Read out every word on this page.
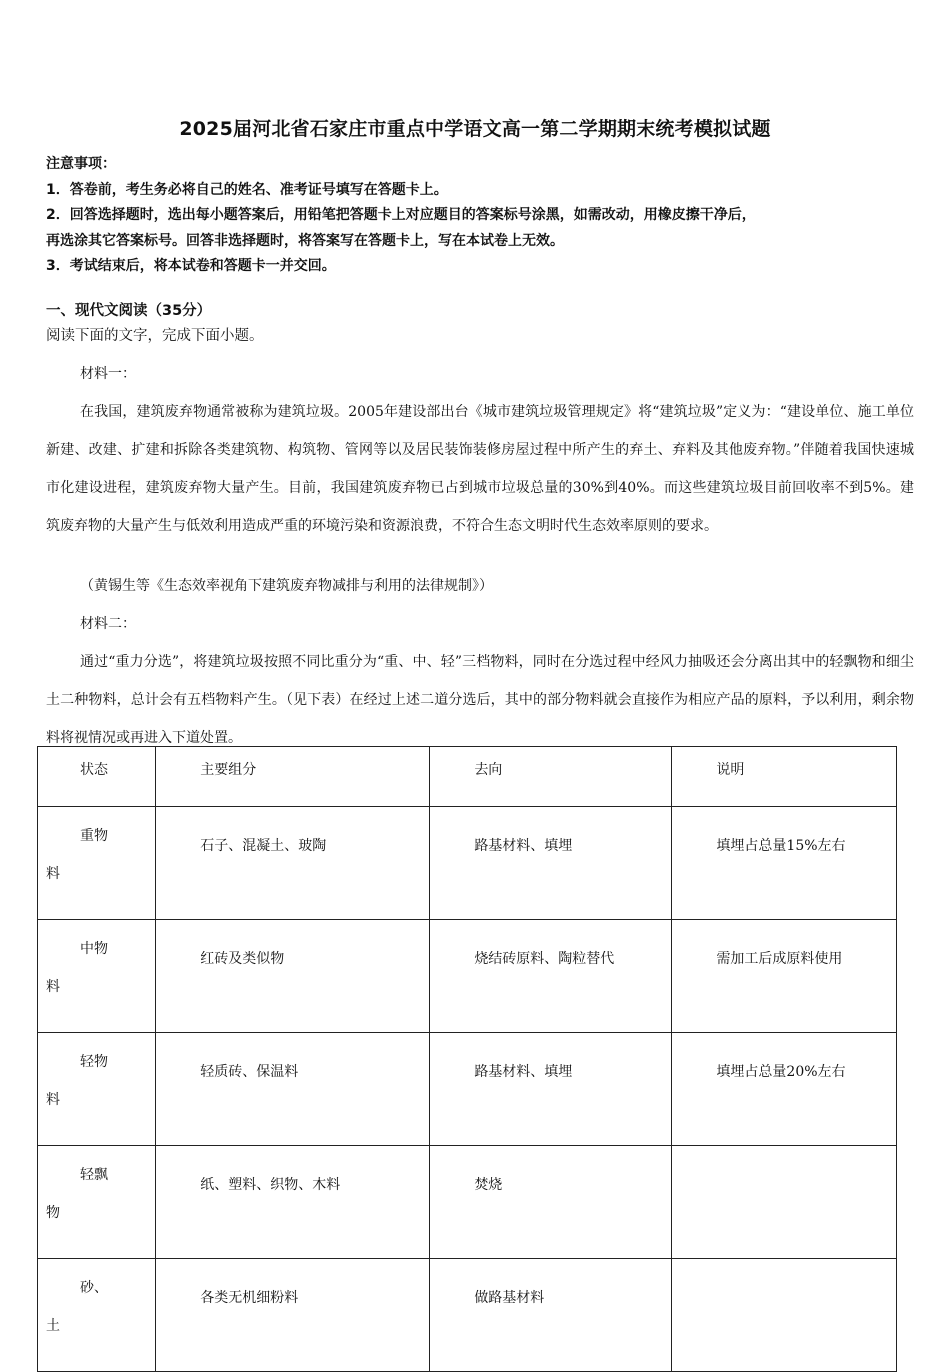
2025届河北省石家庄市重点中学语文高一第二学期期末统考模拟试题
注意事项：
1．答卷前，考生务必将自己的姓名、准考证号填写在答题卡上。
2．回答选择题时，选出每小题答案后，用铅笔把答题卡上对应题目的答案标号涂黑，如需改动，用橡皮擦干净后，
再选涂其它答案标号。回答非选择题时，将答案写在答题卡上，写在本试卷上无效。
3．考试结束后，将本试卷和答题卡一并交回。
一、现代文阅读（35分）
阅读下面的文字，完成下面小题。

材料一：

在我国，建筑废弃物通常被称为建筑垃圾。2005年建设部出台《城市建筑垃圾管理规定》将“建筑垃圾”定义为：“建设单位、施工单位新建、改建、扩建和拆除各类建筑物、构筑物、管网等以及居民装饰装修房屋过程中所产生的弃土、弃料及其他废弃物。”伴随着我国快速城市化建设进程，建筑废弃物大量产生。目前，我国建筑废弃物已占到城市垃圾总量的30%到40%。而这些建筑垃圾目前回收率不到5%。建筑废弃物的大量产生与低效利用造成严重的环境污染和资源浪费，不符合生态文明时代生态效率原则的要求。

（黄锡生等《生态效率视角下建筑废弃物减排与利用的法律规制》）

材料二：

通过“重力分选”，将建筑垃圾按照不同比重分为“重、中、轻”三档物料，同时在分选过程中经风力抽吸还会分离出其中的轻飘物和细尘土二种物料，总计会有五档物料产生。（见下表）在经过上述二道分选后，其中的部分物料就会直接作为相应产品的原料，予以利用，剩余物料将视情况或再进入下道处置。

状态	主要组分	去向	说明

重物
料	石子、混凝土、玻陶	路基材料、填埋	填埋占总量15%左右

中物
料	红砖及类似物	烧结砖原料、陶粒替代	需加工后成原料使用

轻物
料	轻质砖、保温料	路基材料、填埋	填埋占总量20%左右

轻飘
物	纸、塑料、织物、木料	焚烧	

砂、
土	各类无机细粉料	做路基材料	
